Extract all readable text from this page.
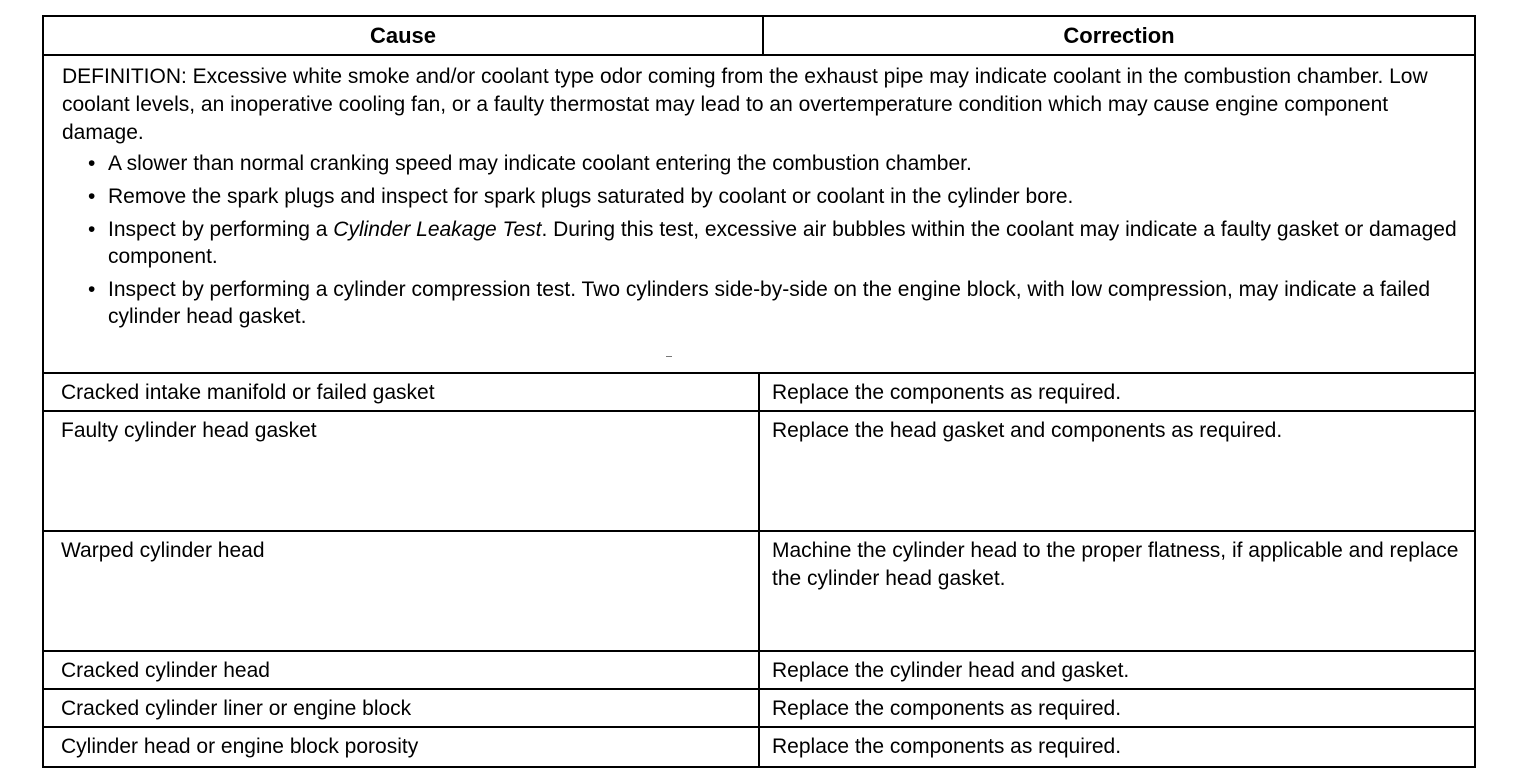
Cause	Correction

DEFINITION: Excessive white smoke and/or coolant type odor coming from the exhaust pipe may indicate coolant in the combustion chamber. Low coolant levels, an inoperative cooling fan, or a faulty thermostat may lead to an overtemperature condition which may cause engine component damage.

• A slower than normal cranking speed may indicate coolant entering the combustion chamber.
• Remove the spark plugs and inspect for spark plugs saturated by coolant or coolant in the cylinder bore.
• Inspect by performing a Cylinder Leakage Test. During this test, excessive air bubbles within the coolant may indicate a faulty gasket or damaged component.
• Inspect by performing a cylinder compression test. Two cylinders side-by-side on the engine block, with low compression, may indicate a failed cylinder head gasket.
Cracked intake manifold or failed gasket	Replace the components as required.
Faulty cylinder head gasket	Replace the head gasket and components as required.
Warped cylinder head	Machine the cylinder head to the proper flatness, if applicable and replace the cylinder head gasket.
Cracked cylinder head	Replace the cylinder head and gasket.
Cracked cylinder liner or engine block	Replace the components as required.
Cylinder head or engine block porosity	Replace the components as required.
